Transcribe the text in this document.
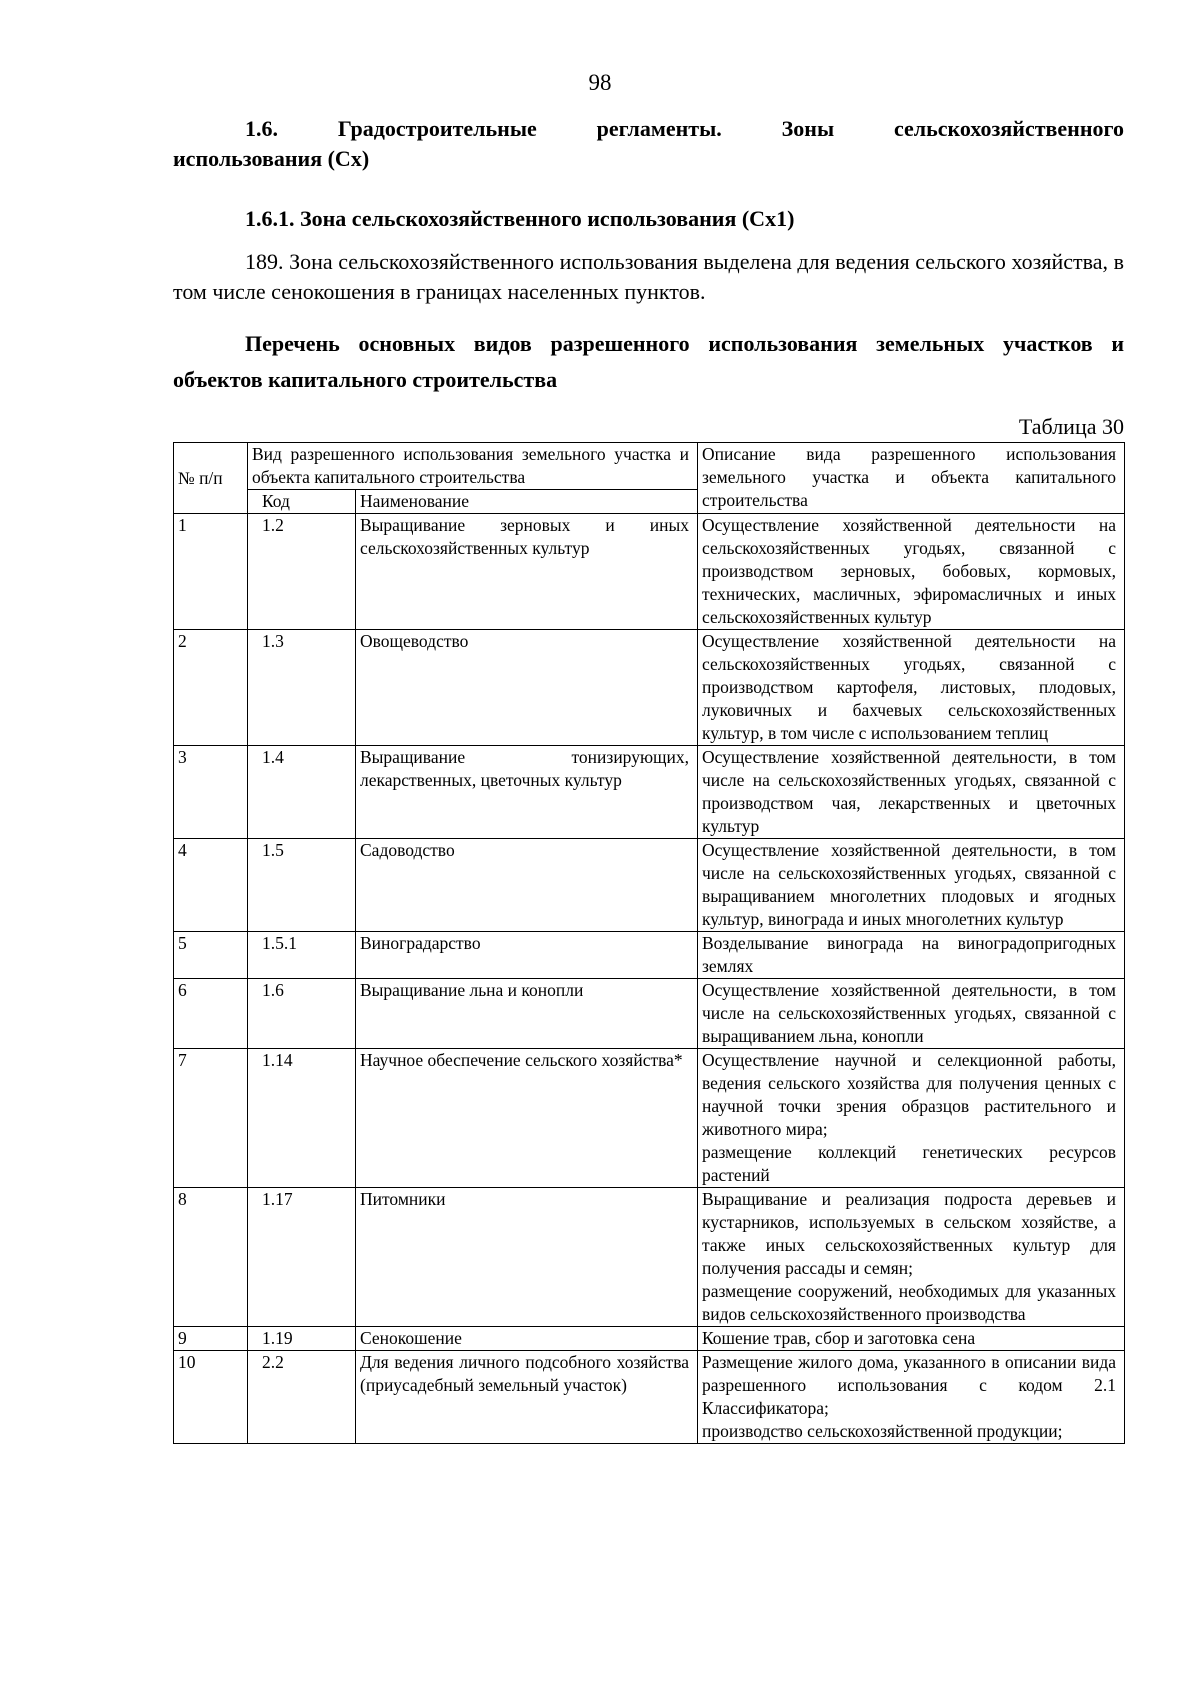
98
1.6.	Градостроительные	регламенты.	Зоны	сельскохозяйственного
использования (Сх)
1.6.1. Зона сельскохозяйственного использования (Сх1)
189. Зона сельскохозяйственного использования выделена для ведения сельского хозяйства, в том числе сенокошения в границах населенных пунктов.
Перечень основных видов разрешенного использования земельных участков и объектов капитального строительства
Таблица 30
№ п/п	Вид разрешенного использования земельного участка и объекта капитального строительства		Описание вида разрешенного использования земельного участка и объекта капитального строительства
	Код	Наименование	
1	1.2	Выращивание зерновых и иных сельскохозяйственных культур	Осуществление хозяйственной деятельности на сельскохозяйственных угодьях, связанной с производством зерновых, бобовых, кормовых, технических, масличных, эфиромасличных и иных сельскохозяйственных культур

2	1.3	Овощеводство	Осуществление хозяйственной деятельности на сельскохозяйственных угодьях, связанной с производством картофеля, листовых, плодовых, луковичных и бахчевых сельскохозяйственных культур, в том числе с использованием теплиц

3	1.4	Выращивание тонизирующих, лекарственных, цветочных культур	Осуществление хозяйственной деятельности, в том числе на сельскохозяйственных угодьях, связанной с производством чая, лекарственных и цветочных культур

4	1.5	Садоводство	Осуществление хозяйственной деятельности, в том числе на сельскохозяйственных угодьях, связанной с выращиванием многолетних плодовых и ягодных культур, винограда и иных многолетних культур

5	1.5.1	Виноградарство	Возделывание винограда на виноградопригодных землях

6	1.6	Выращивание льна и конопли	Осуществление хозяйственной деятельности, в том числе на сельскохозяйственных угодьях, связанной с выращиванием льна, конопли

7	1.14	Научное обеспечение сельского хозяйства*	Осуществление научной и селекционной работы, ведения сельского хозяйства для получения ценных с научной точки зрения образцов растительного и животного мира;
размещение коллекций генетических ресурсов растений

8	1.17	Питомники	Выращивание и реализация подроста деревьев и кустарников, используемых в сельском хозяйстве, а также иных сельскохозяйственных культур для получения рассады и семян;
размещение сооружений, необходимых для указанных видов сельскохозяйственного производства

9	1.19	Сенокошение	Кошение трав, сбор и заготовка сена

10	2.2	Для ведения личного подсобного хозяйства (приусадебный земельный участок)	Размещение жилого дома, указанного в описании вида разрешенного использования с кодом 2.1 Классификатора;
производство сельскохозяйственной продукции;
